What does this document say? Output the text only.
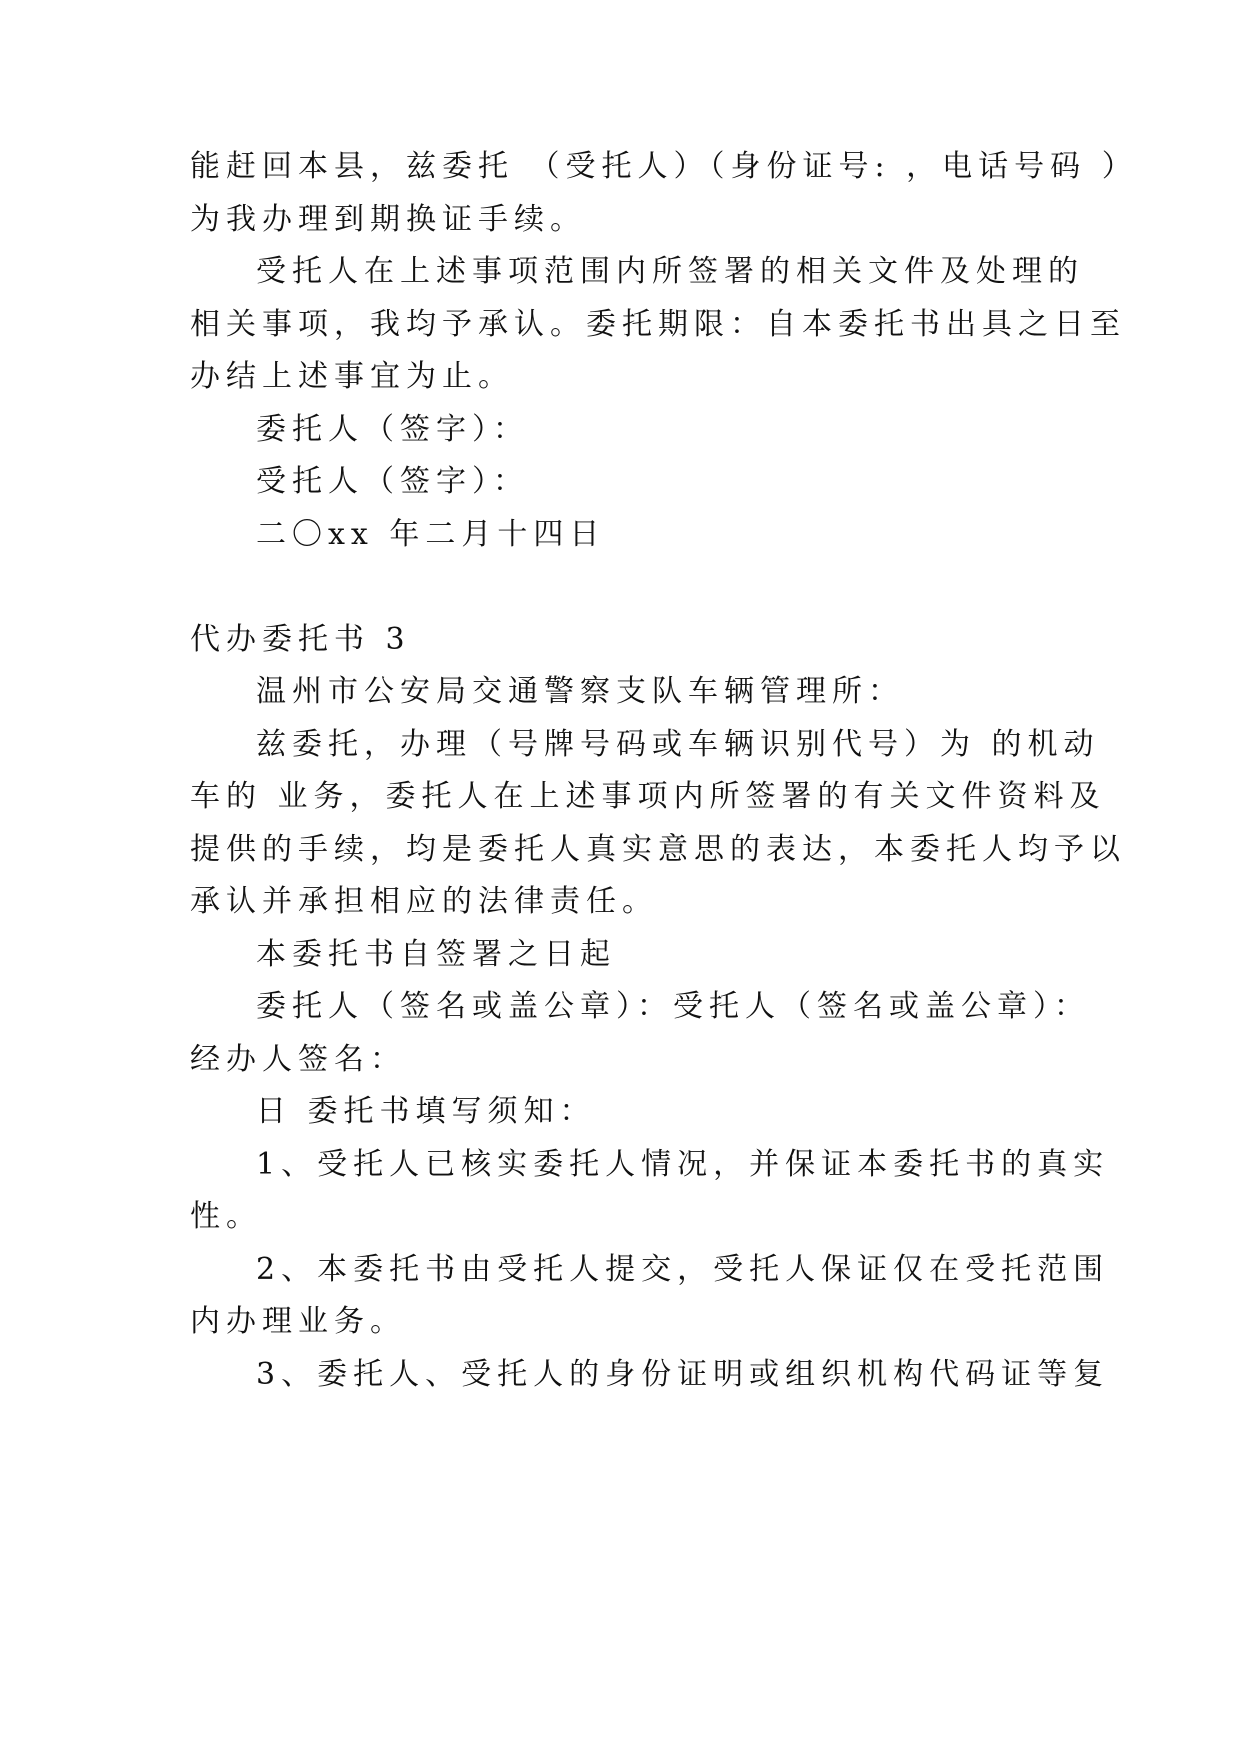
能赶回本县，兹委托 （受托人）（身份证号: ，电话号码 ）
为我办理到期换证手续。
受托人在上述事项范围内所签署的相关文件及处理的
相关事项，我均予承认。委托期限：自本委托书出具之日至
办结上述事宜为止。
委托人（签字）：
受托人（签字）：
二〇xx 年二月十四日
代办委托书 3
温州市公安局交通警察支队车辆管理所：
兹委托，办理（号牌号码或车辆识别代号）为 的机动
车的 业务，委托人在上述事项内所签署的有关文件资料及
提供的手续，均是委托人真实意思的表达，本委托人均予以
承认并承担相应的法律责任。
本委托书自签署之日起
委托人（签名或盖公章）：受托人（签名或盖公章）：
经办人签名：
日 委托书填写须知：
1、受托人已核实委托人情况，并保证本委托书的真实
性。
2、本委托书由受托人提交，受托人保证仅在受托范围
内办理业务。
3、委托人、受托人的身份证明或组织机构代码证等复
